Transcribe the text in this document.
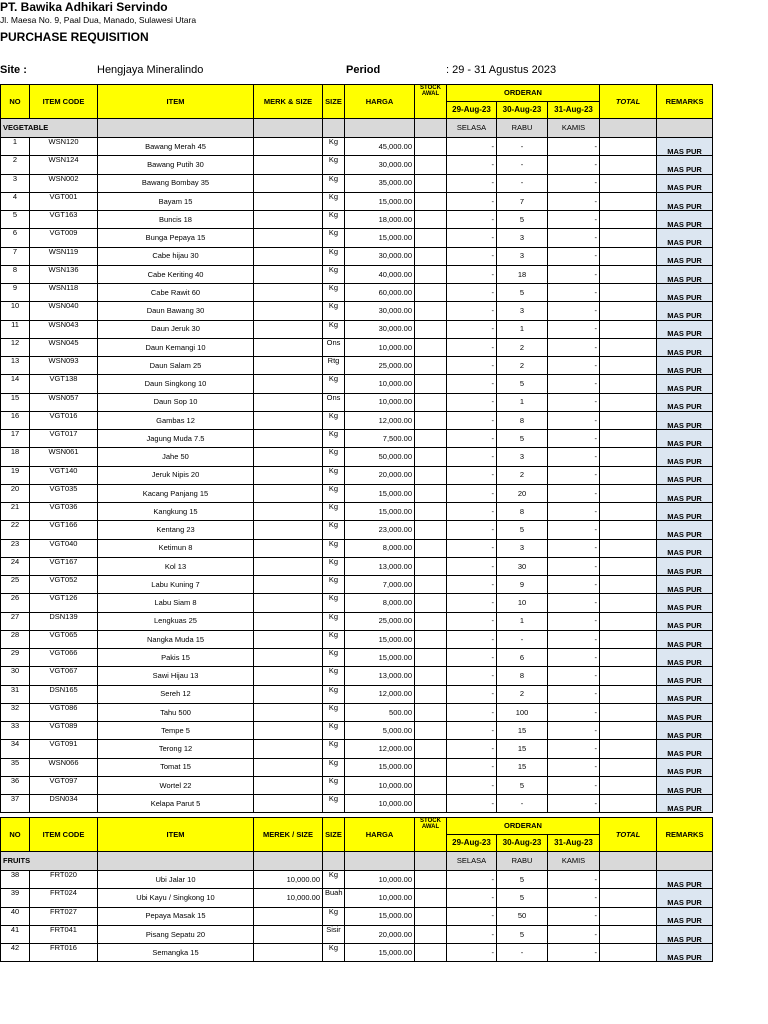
PT. Bawika Adhikari Servindo
Jl. Maesa No. 9, Paal Dua, Manado, Sulawesi Utara
PURCHASE REQUISITION
Site :	Hengjaya Mineralindo	Period	: 29 - 31 Agustus 2023
NO	ITEM CODE	ITEM	MERK & SIZE	SIZE	HARGA	STOCK AWAL	ORDERAN			TOTAL	REMARKS
							29-Aug-23	30-Aug-23	31-Aug-23		
VEGETABLE							SELASA	RABU	KAMIS		
1	WSN120	Bawang Merah 45		Kg	45,000.00		-	-	-		MAS PUR
2	WSN124	Bawang Putih 30		Kg	30,000.00		-	-	-		MAS PUR
3	WSN002	Bawang Bombay 35		Kg	35,000.00		-	-	-		MAS PUR
4	VGT001	Bayam 15		Kg	15,000.00		-	7	-		MAS PUR
5	VGT163	Buncis 18		Kg	18,000.00		-	5	-		MAS PUR
6	VGT009	Bunga Pepaya 15		Kg	15,000.00		-	3	-		MAS PUR
7	WSN119	Cabe hijau 30		Kg	30,000.00		-	3	-		MAS PUR
8	WSN136	Cabe Keriting 40		Kg	40,000.00		-	18	-		MAS PUR
9	WSN118	Cabe Rawit 60		Kg	60,000.00		-	5	-		MAS PUR
10	WSN040	Daun Bawang 30		Kg	30,000.00		-	3	-		MAS PUR
11	WSN043	Daun Jeruk 30		Kg	30,000.00		-	1	-		MAS PUR
12	WSN045	Daun Kemangi 10		Ons	10,000.00		-	2	-		MAS PUR
13	WSN093	Daun Salam 25		Rtg	25,000.00		-	2	-		MAS PUR
14	VGT138	Daun Singkong 10		Kg	10,000.00		-	5	-		MAS PUR
15	WSN057	Daun Sop 10		Ons	10,000.00		-	1	-		MAS PUR
16	VGT016	Gambas 12		Kg	12,000.00		-	8	-		MAS PUR
17	VGT017	Jagung Muda 7.5		Kg	7,500.00		-	5	-		MAS PUR
18	WSN061	Jahe 50		Kg	50,000.00		-	3	-		MAS PUR
19	VGT140	Jeruk Nipis 20		Kg	20,000.00		-	2	-		MAS PUR
20	VGT035	Kacang Panjang 15		Kg	15,000.00		-	20	-		MAS PUR
21	VGT036	Kangkung 15		Kg	15,000.00		-	8	-		MAS PUR
22	VGT166	Kentang 23		Kg	23,000.00		-	5	-		MAS PUR
23	VGT040	Ketimun 8		Kg	8,000.00		-	3	-		MAS PUR
24	VGT167	Kol 13		Kg	13,000.00		-	30	-		MAS PUR
25	VGT052	Labu Kuning 7		Kg	7,000.00		-	9	-		MAS PUR
26	VGT126	Labu Siam 8		Kg	8,000.00		-	10	-		MAS PUR
27	DSN139	Lengkuas 25		Kg	25,000.00		-	1	-		MAS PUR
28	VGT065	Nangka Muda 15		Kg	15,000.00		-	-	-		MAS PUR
29	VGT066	Pakis 15		Kg	15,000.00		-	6	-		MAS PUR
30	VGT067	Sawi Hijau 13		Kg	13,000.00		-	8	-		MAS PUR
31	DSN165	Sereh 12		Kg	12,000.00		-	2	-		MAS PUR
32	VGT086	Tahu 500		Kg	500.00		-	100	-		MAS PUR
33	VGT089	Tempe 5		Kg	5,000.00		-	15	-		MAS PUR
34	VGT091	Terong 12		Kg	12,000.00		-	15	-		MAS PUR
35	WSN066	Tomat 15		Kg	15,000.00		-	15	-		MAS PUR
36	VGT097	Wortel 22		Kg	10,000.00		-	5	-		MAS PUR
37	DSN034	Kelapa Parut 5		Kg	10,000.00		-	-	-		MAS PUR
NO	ITEM CODE	ITEM	MEREK / SIZE	SIZE	HARGA	STOCK AWAL	ORDERAN			TOTAL	REMARKS
							29-Aug-23	30-Aug-23	31-Aug-23		
FRUITS							SELASA	RABU	KAMIS		
38	FRT020	Ubi Jalar 10	10,000.00	Kg	10,000.00		-	5	-		MAS PUR
39	FRT024	Ubi Kayu / Singkong 10	10,000.00	Buah	10,000.00		-	5	-		MAS PUR
40	FRT027	Pepaya Masak 15		Kg	15,000.00		-	50	-		MAS PUR
41	FRT041	Pisang Sepatu 20		Sisir	20,000.00		-	5	-		MAS PUR
42	FRT016	Semangka 15		Kg	15,000.00		-	-	-		MAS PUR
